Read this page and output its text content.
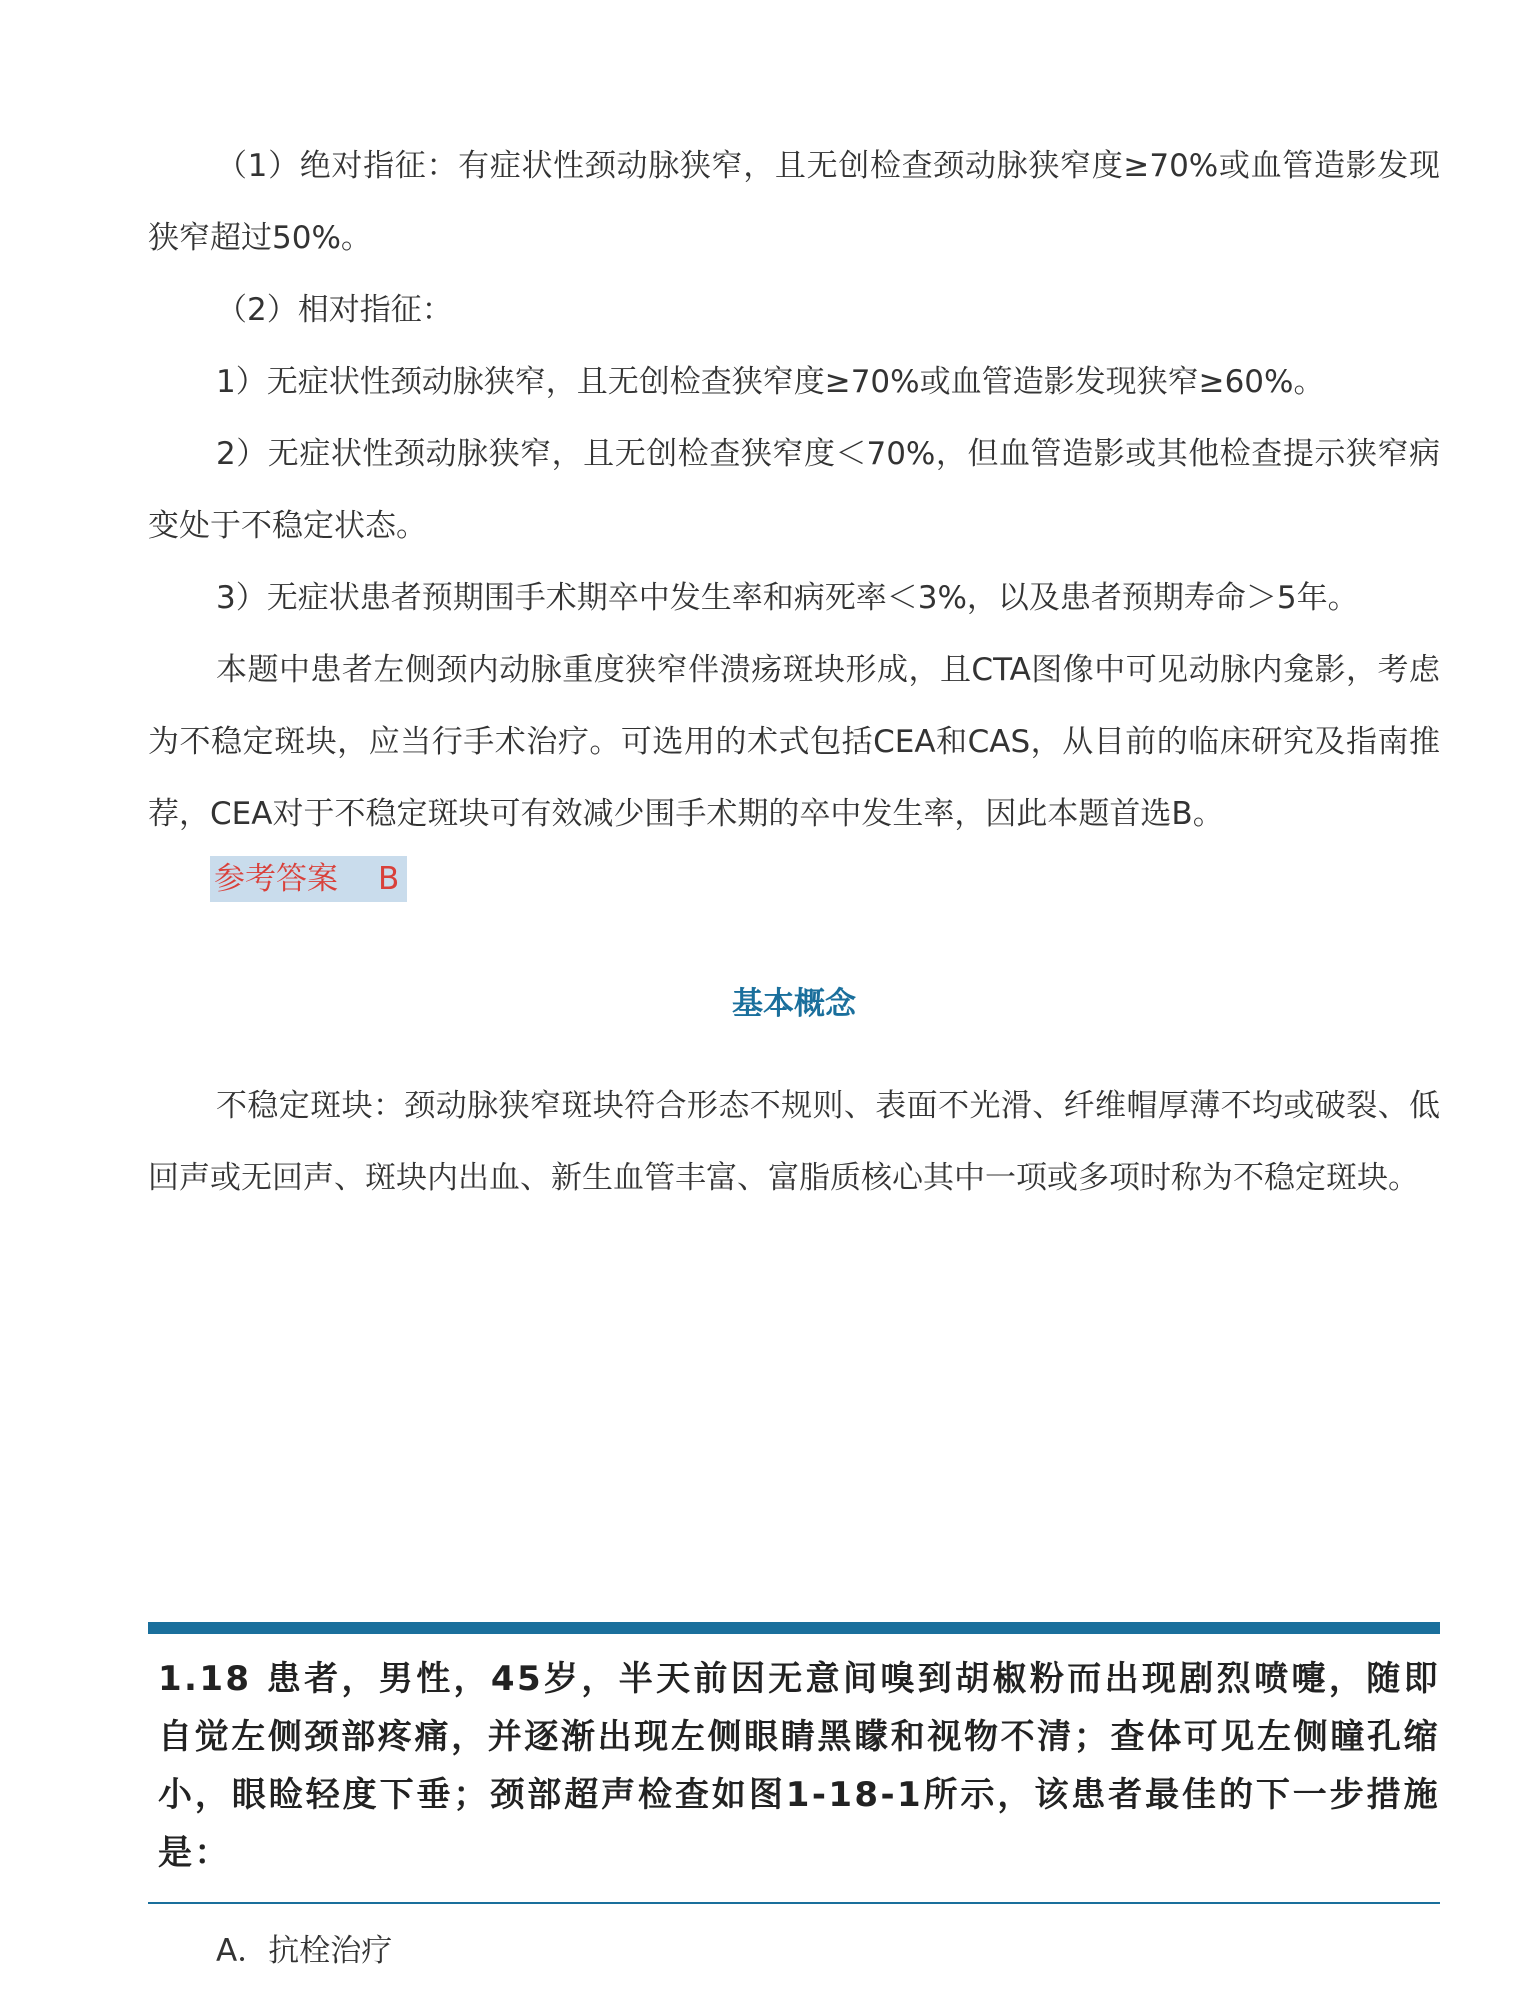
（1）绝对指征：有症状性颈动脉狭窄，且无创检查颈动脉狭窄度≥70%或血管造影发现狭窄超过50%。

（2）相对指征：

1）无症状性颈动脉狭窄，且无创检查狭窄度≥70%或血管造影发现狭窄≥60%。

2）无症状性颈动脉狭窄，且无创检查狭窄度＜70%，但血管造影或其他检查提示狭窄病变处于不稳定状态。

3）无症状患者预期围手术期卒中发生率和病死率＜3%，以及患者预期寿命＞5年。

本题中患者左侧颈内动脉重度狭窄伴溃疡斑块形成，且CTA图像中可见动脉内龛影，考虑为不稳定斑块，应当行手术治疗。可选用的术式包括CEA和CAS，从目前的临床研究及指南推荐，CEA对于不稳定斑块可有效减少围手术期的卒中发生率，因此本题首选B。

参考答案 B
基本概念

不稳定斑块：颈动脉狭窄斑块符合形态不规则、表面不光滑、纤维帽厚薄不均或破裂、低回声或无回声、斑块内出血、新生血管丰富、富脂质核心其中一项或多项时称为不稳定斑块。

1.18 患者，男性，45岁，半天前因无意间嗅到胡椒粉而出现剧烈喷嚏，随即自觉左侧颈部疼痛，并逐渐出现左侧眼睛黑矇和视物不清；查体可见左侧瞳孔缩小，眼睑轻度下垂；颈部超声检查如图1-18-1所示，该患者最佳的下一步措施是：

A．抗栓治疗
